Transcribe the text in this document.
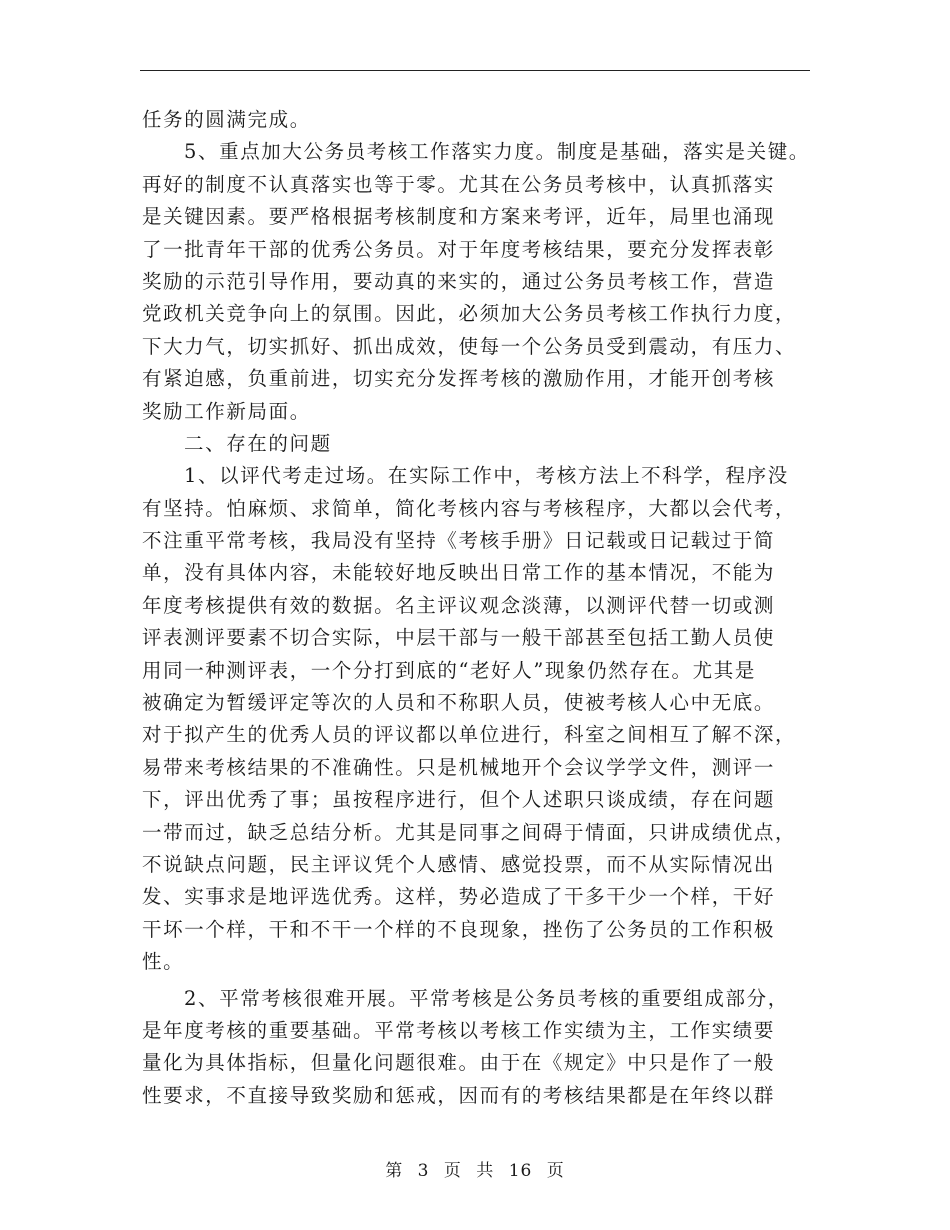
任务的圆满完成。
5、重点加大公务员考核工作落实力度。制度是基础，落实是关键。
再好的制度不认真落实也等于零。尤其在公务员考核中，认真抓落实
是关键因素。要严格根据考核制度和方案来考评，近年，局里也涌现
了一批青年干部的优秀公务员。对于年度考核结果，要充分发挥表彰
奖励的示范引导作用，要动真的来实的，通过公务员考核工作，营造
党政机关竞争向上的氛围。因此，必须加大公务员考核工作执行力度，
下大力气，切实抓好、抓出成效，使每一个公务员受到震动，有压力、
有紧迫感，负重前进，切实充分发挥考核的激励作用，才能开创考核
奖励工作新局面。
二、存在的问题
1、以评代考走过场。在实际工作中，考核方法上不科学，程序没
有坚持。怕麻烦、求简单，简化考核内容与考核程序，大都以会代考，
不注重平常考核，我局没有坚持《考核手册》日记载或日记载过于简
单，没有具体内容，未能较好地反映出日常工作的基本情况，不能为
年度考核提供有效的数据。名主评议观念淡薄，以测评代替一切或测
评表测评要素不切合实际，中层干部与一般干部甚至包括工勤人员使
用同一种测评表，一个分打到底的“老好人”现象仍然存在。尤其是
被确定为暂缓评定等次的人员和不称职人员，使被考核人心中无底。
对于拟产生的优秀人员的评议都以单位进行，科室之间相互了解不深，
易带来考核结果的不准确性。只是机械地开个会议学学文件，测评一
下，评出优秀了事；虽按程序进行，但个人述职只谈成绩，存在问题
一带而过，缺乏总结分析。尤其是同事之间碍于情面，只讲成绩优点，
不说缺点问题，民主评议凭个人感情、感觉投票，而不从实际情况出
发、实事求是地评选优秀。这样，势必造成了干多干少一个样，干好
干坏一个样，干和不干一个样的不良现象，挫伤了公务员的工作积极
性。
2、平常考核很难开展。平常考核是公务员考核的重要组成部分，
是年度考核的重要基础。平常考核以考核工作实绩为主，工作实绩要
量化为具体指标，但量化问题很难。由于在《规定》中只是作了一般
性要求，不直接导致奖励和惩戒，因而有的考核结果都是在年终以群
第 3 页 共 16 页
